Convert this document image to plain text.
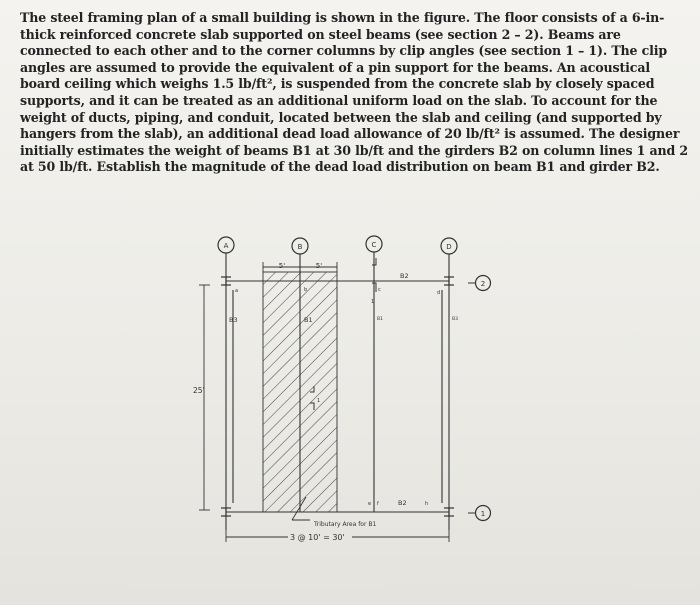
The steel framing plan of a small building is shown in the figure. The floor consists of a 6-in-
thick reinforced concrete slab supported on steel beams (see section 2 – 2). Beams are
connected to each other and to the corner columns by clip angles (see section 1 – 1). The clip
angles are assumed to provide the equivalent of a pin support for the beams. An acoustical
board ceiling which weighs 1.5 lb/ft², is suspended from the concrete slab by closely spaced
supports, and it can be treated as an additional uniform load on the slab. To account for the
weight of ducts, piping, and conduit, located between the slab and ceiling (and supported by
hangers from the slab), an additional dead load allowance of 20 lb/ft² is assumed. The designer
initially estimates the weight of beams B1 at 30 lb/ft and the girders B2 on column lines 1 and 2
at 50 lb/ft. Establish the magnitude of the dead load distribution on beam B1 and girder B2.

A	B	C	D
2
1
5'	5'
B3	B1	B1	B3
B2
B2
a	b	c	d
e f	h
1
1
25'
Tributary Area for B1
3 @ 10' = 30'
